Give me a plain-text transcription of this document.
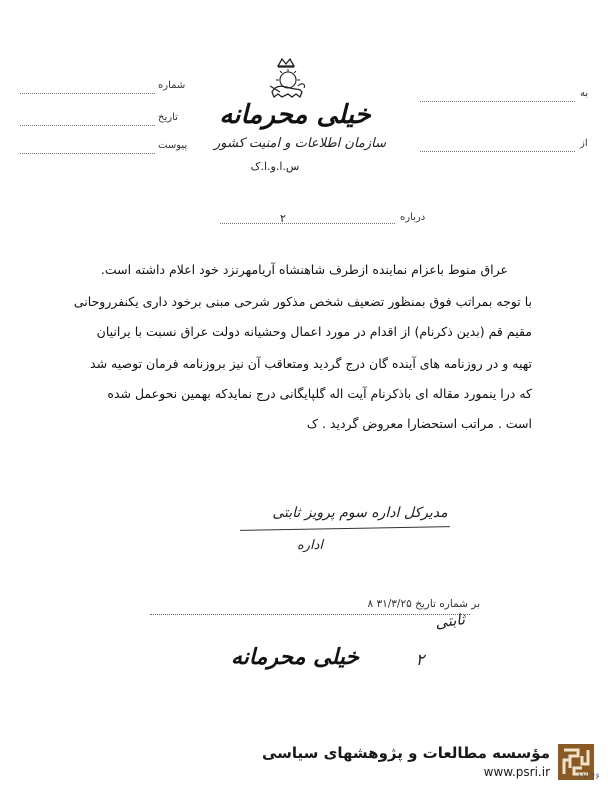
خیلی محرمانه
سازمان اطلاعات و امنیت کشور
س.ا.و.ا.ک
شماره
تاریخ
پیوست
به
از
درباره
۲
عراق منوط باعزام نماینده ازطرف شاهنشاه آریامهرنزد خود اعلام داشته است.
با توجه بمراتب فوق بمنظور تضعیف شخص مذکور شرحی مبنی برخود داری یکنفرروحانی
مقیم قم (بدین ذکرنام) از اقدام در مورد اعمال وحشیانه دولت عراق نسبت با یرانیان
تهیه و در روزنامه های آینده گان درج گردید ومتعاقب آن نیز بروزنامه فرمان توصیه شد
که درا ینمورد مقاله ای باذکرنام آیت اله گلپایگانی درج نمایدکه بهمین نحوعمل شده
است . مراتب استحضارا معروض گردید . ک
مدیرکل اداره سوم پرویز ثابتی
اداره
بر شماره تاریخ ۳۱/۳/۲۵ ۸
ثابتی
۲
خیلی محرمانه
مؤسسه مطالعات و پژوهشهای سیاسی
www.psri.ir	۱۷-۴۶
